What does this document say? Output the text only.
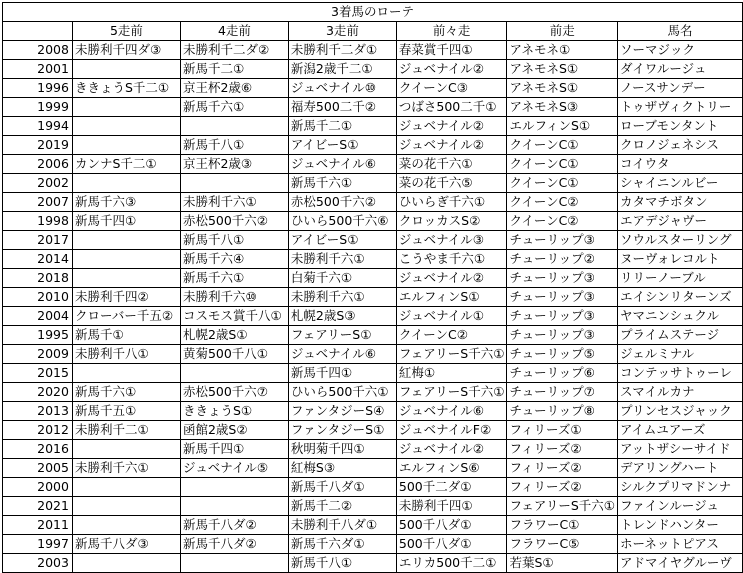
3着馬のローテ						
	5走前	4走前	3走前	前々走	前走	馬名
2008	未勝利千四ダ③	未勝利千二ダ②	未勝利千二ダ①	春菜賞千四①	アネモネ①	ソーマジック
2001		新馬千二①	新潟2歳千二①	ジュベナイル②	アネモネS①	ダイワルージュ
1996	ききょうS千二①	京王杯2歳⑥	ジュベナイル⑩	クイーンC③	アネモネS①	ノースサンデー
1999		新馬千六①	福寿500二千②	つばさ500二千①	アネモネS③	トゥザヴィクトリー
1994			新馬千二①	ジュベナイル②	エルフィンS①	ローブモンタント
2019		新馬千八①	アイビーS①	ジュベナイル②	クイーンC①	クロノジェネシス
2006	カンナS千二①	京王杯2歳③	ジュベナイル⑥	菜の花千六①	クイーンC①	コイウタ
2002			新馬千六①	菜の花千六⑤	クイーンC①	シャイニンルビー
2007	新馬千六③	未勝利千六①	赤松500千六②	ひいらぎ千六①	クイーンC②	カタマチボタン
1998	新馬千四①	赤松500千六②	ひいら500千六⑥	クロッカスS②	クイーンC②	エアデジャヴー
2017		新馬千八①	アイビーS①	ジュベナイル③	チューリップ③	ソウルスターリング
2014		新馬千六④	未勝利千六①	こうやま千六①	チューリップ②	ヌーヴォレコルト
2018		新馬千六①	白菊千六①	ジュベナイル②	チューリップ③	リリーノーブル
2010	未勝利千四②	未勝利千六⑩	未勝利千六①	エルフィンS①	チューリップ③	エイシンリターンズ
2004	クローバー千五②	コスモス賞千八①	札幌2歳S③	ジュベナイル①	チューリップ③	ヤマニンシュクル
1995	新馬千①	札幌2歳S①	フェアリーS①	クイーンC②	チューリップ③	プライムステージ
2009	未勝利千八①	黄菊500千八①	ジュベナイル⑥	フェアリーS千六①	チューリップ⑤	ジェルミナル
2015			新馬千四①	紅梅①	チューリップ⑥	コンテッサトゥーレ
2020	新馬千六①	赤松500千六⑦	ひいら500千六①	フェアリーS千六①	チューリップ⑦	スマイルカナ
2013	新馬千五①	ききょうS①	ファンタジーS④	ジュベナイル⑥	チューリップ⑧	プリンセスジャック
2012	未勝利千二①	函館2歳S②	ファンタジーS①	ジュベナイルF②	フィリーズ①	アイムユアーズ
2016		新馬千四①	秋明菊千四①	ジュベナイル②	フィリーズ②	アットザシーサイド
2005	未勝利千六①	ジュベナイル⑤	紅梅S③	エルフィンS⑥	フィリーズ②	デアリングハート
2000			新馬千八ダ①	500千二ダ①	フィリーズ②	シルクプリマドンナ
2021			新馬千二②	未勝利千四①	フェアリーS千六①	ファインルージュ
2011		新馬千八ダ②	未勝利千八ダ①	500千八ダ①	フラワーC①	トレンドハンター
1997	新馬千八ダ③	新馬千八ダ②	新馬千六ダ①	500千八ダ①	フラワーC⑤	ホーネットピアス
2003			新馬千八①	エリカ500千二①	若葉S①	アドマイヤグルーヴ
